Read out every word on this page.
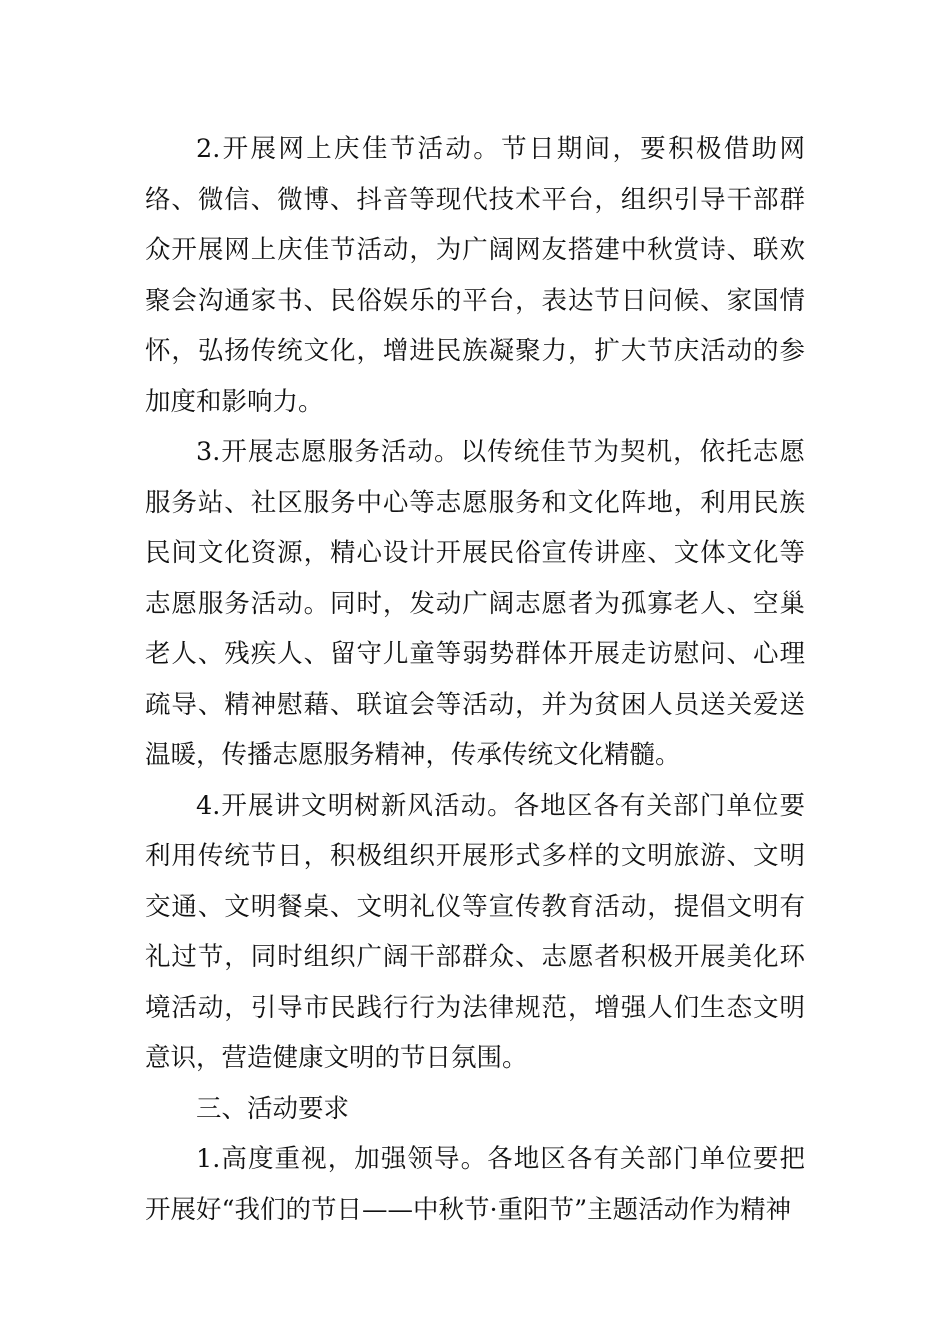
2.开展网上庆佳节活动。节日期间，要积极借助网络、微信、微博、抖音等现代技术平台，组织引导干部群众开展网上庆佳节活动，为广阔网友搭建中秋赏诗、联欢聚会沟通家书、民俗娱乐的平台，表达节日问候、家国情怀，弘扬传统文化，增进民族凝聚力，扩大节庆活动的参加度和影响力。

3.开展志愿服务活动。以传统佳节为契机，依托志愿服务站、社区服务中心等志愿服务和文化阵地，利用民族民间文化资源，精心设计开展民俗宣传讲座、文体文化等志愿服务活动。同时，发动广阔志愿者为孤寡老人、空巢老人、残疾人、留守儿童等弱势群体开展走访慰问、心理疏导、精神慰藉、联谊会等活动，并为贫困人员送关爱送温暖，传播志愿服务精神，传承传统文化精髓。

4.开展讲文明树新风活动。各地区各有关部门单位要利用传统节日，积极组织开展形式多样的文明旅游、文明交通、文明餐桌、文明礼仪等宣传教育活动，提倡文明有礼过节，同时组织广阔干部群众、志愿者积极开展美化环境活动，引导市民践行行为法律规范，增强人们生态文明意识，营造健康文明的节日氛围。

三、活动要求

1.高度重视，加强领导。各地区各有关部门单位要把开展好“我们的节日——中秋节·重阳节”主题活动作为精神
